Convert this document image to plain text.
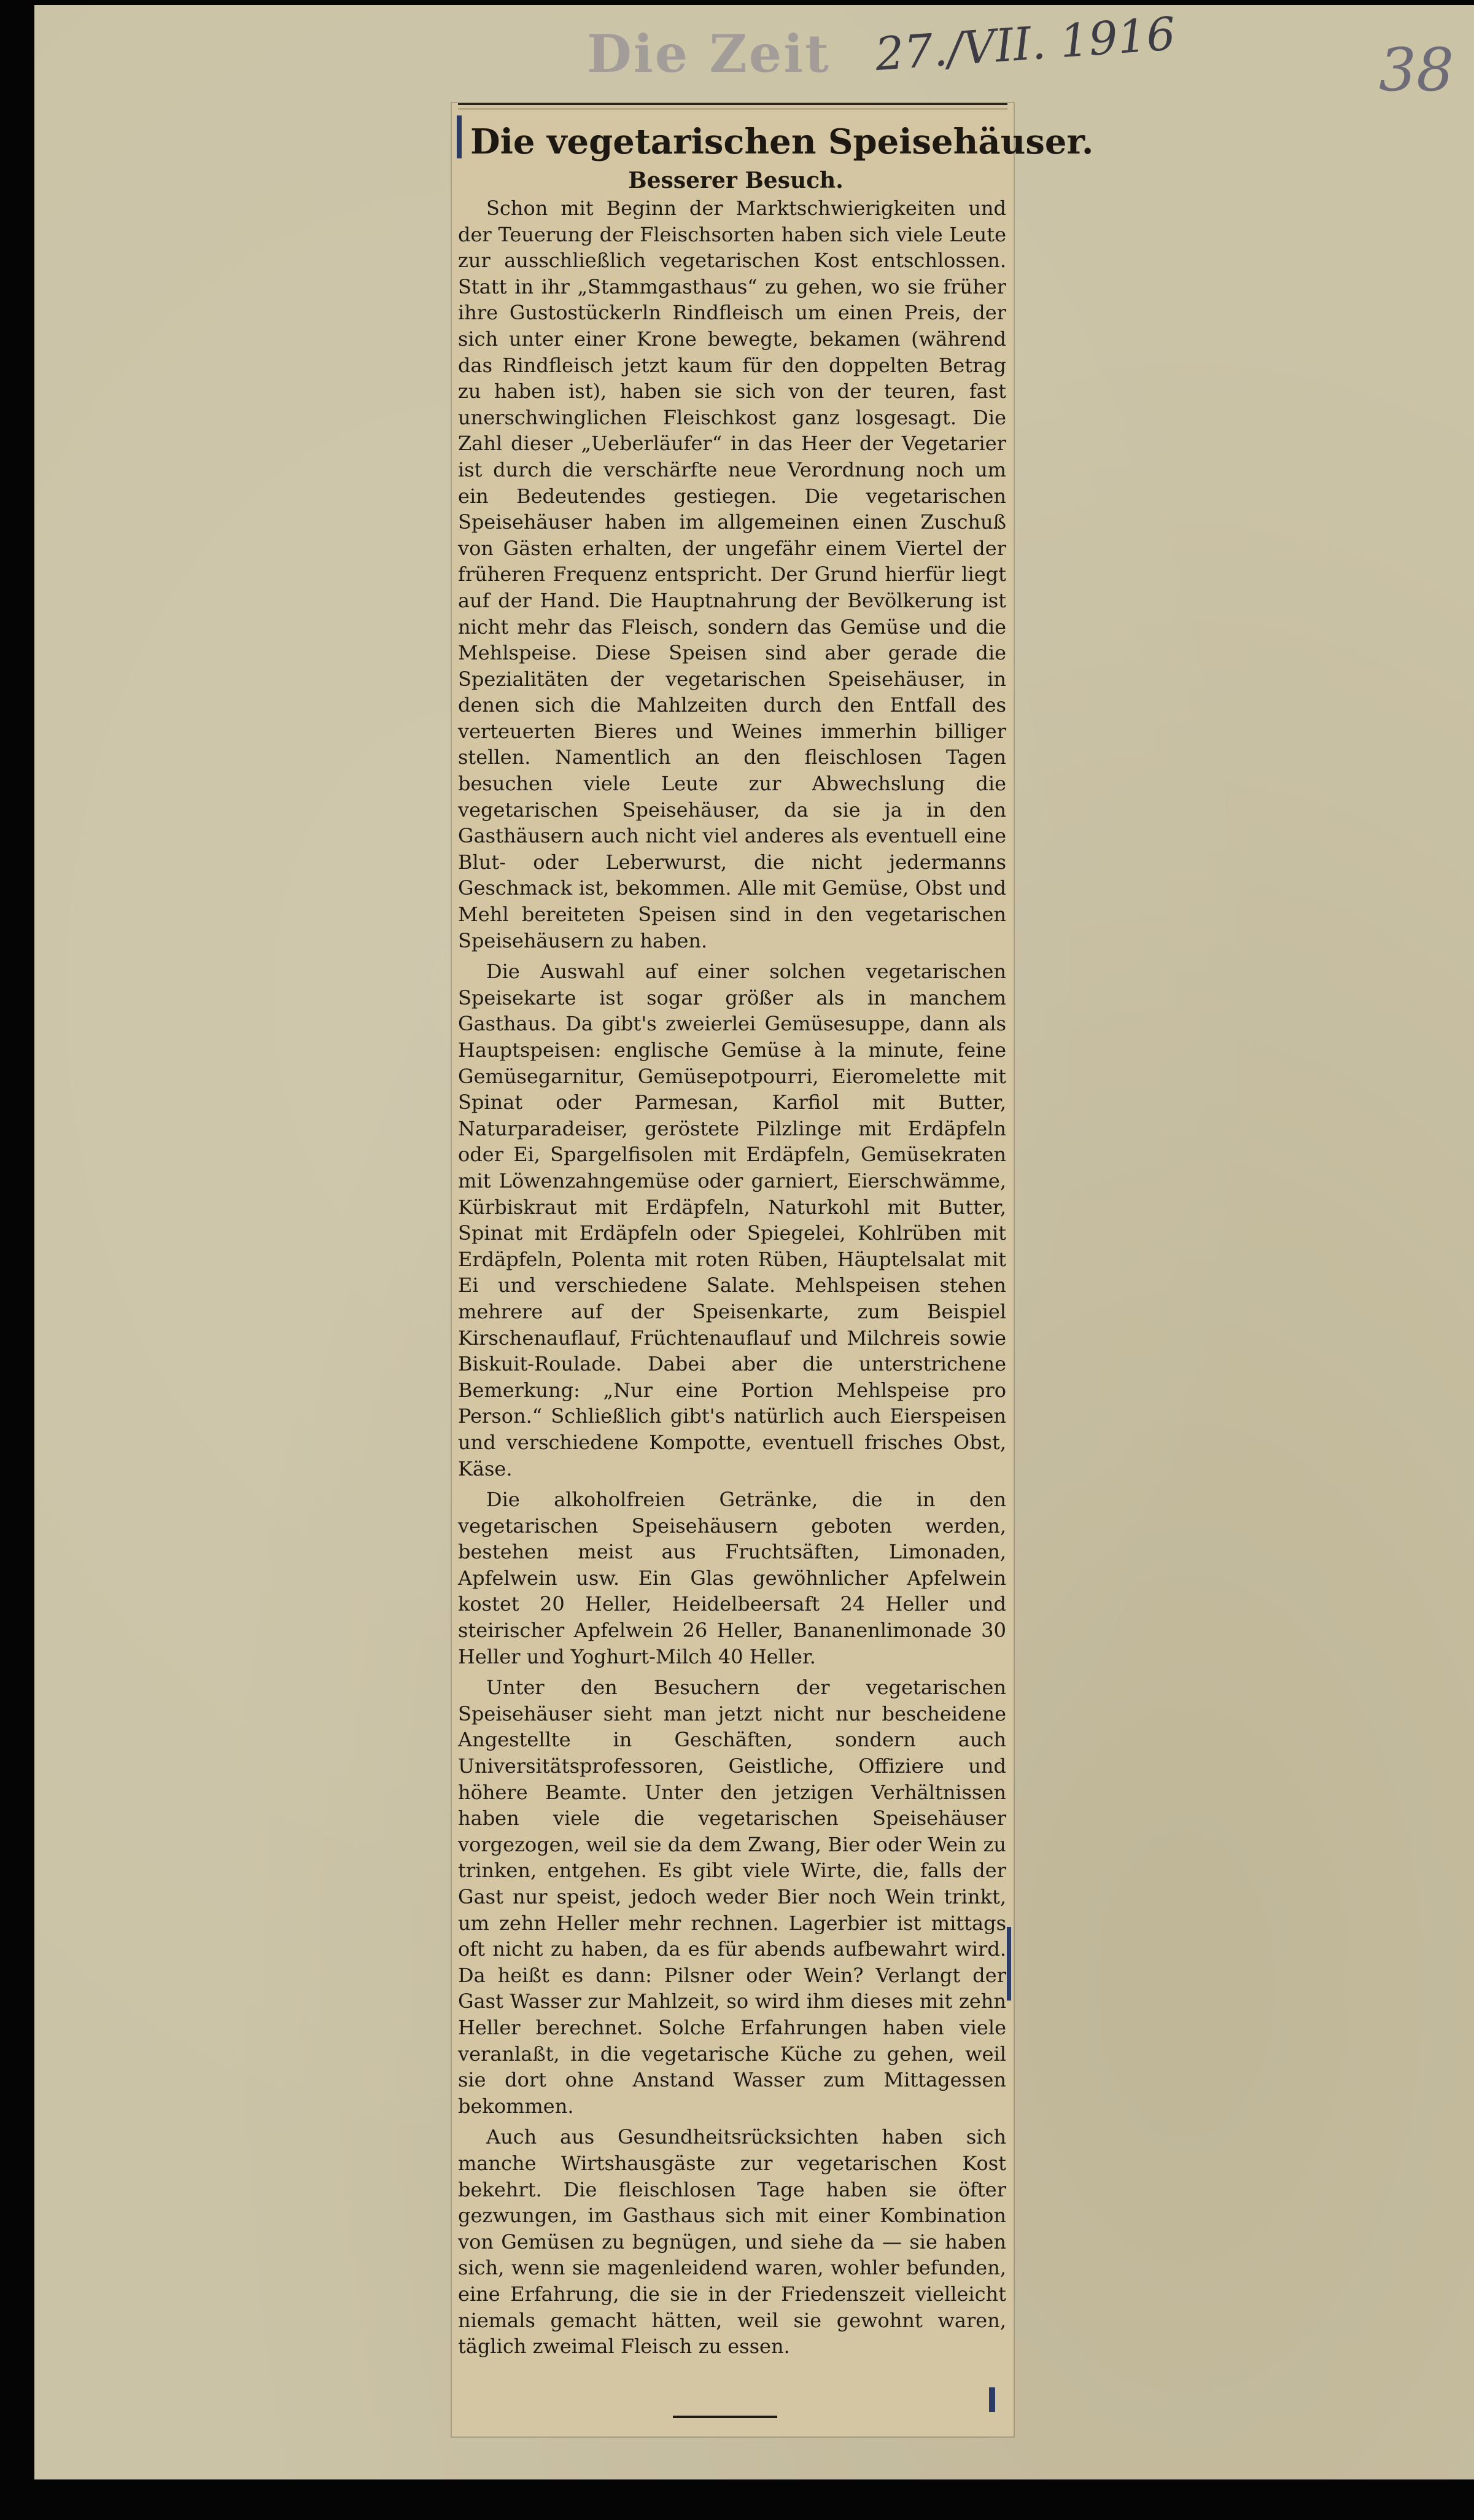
Die Zeit 27./VII. 1916	38
Die vegetarischen Speisehäuser.
Besserer Besuch.

Schon mit Beginn der Marktschwierigkeiten und der Teuerung der Fleischsorten haben sich viele Leute zur ausschließlich vegetarischen Kost entschlossen. Statt in ihr „Stammgasthaus“ zu gehen, wo sie früher ihre Gustostückerln Rindfleisch um einen Preis, der sich unter einer Krone bewegte, bekamen (während das Rindfleisch jetzt kaum für den doppelten Betrag zu haben ist), haben sie sich von der teuren, fast unerschwinglichen Fleischkost ganz losgesagt. Die Zahl dieser „Ueberläufer“ in das Heer der Vegetarier ist durch die verschärfte neue Verordnung noch um ein Bedeutendes gestiegen. Die vegetarischen Speisehäuser haben im allgemeinen einen Zuschuß von Gästen erhalten, der ungefähr einem Viertel der früheren Frequenz entspricht. Der Grund hierfür liegt auf der Hand. Die Hauptnahrung der Bevölkerung ist nicht mehr das Fleisch, sondern das Gemüse und die Mehlspeise. Diese Speisen sind aber gerade die Spezialitäten der vegetarischen Speisehäuser, in denen sich die Mahlzeiten durch den Entfall des verteuerten Bieres und Weines immerhin billiger stellen. Namentlich an den fleischlosen Tagen besuchen viele Leute zur Abwechslung die vegetarischen Speisehäuser, da sie ja in den Gasthäusern auch nicht viel anderes als eventuell eine Blut- oder Leberwurst, die nicht jedermanns Geschmack ist, bekommen. Alle mit Gemüse, Obst und Mehl bereiteten Speisen sind in den vegetarischen Speisehäusern zu haben.

Die Auswahl auf einer solchen vegetarischen Speisekarte ist sogar größer als in manchem Gasthaus. Da gibt's zweierlei Gemüsesuppe, dann als Hauptspeisen: englische Gemüse à la minute, feine Gemüsegarnitur, Gemüsepotpourri, Eieromelette mit Spinat oder Parmesan, Karfiol mit Butter, Naturparadeiser, geröstete Pilzlinge mit Erdäpfeln oder Ei, Spargelfisolen mit Erdäpfeln, Gemüsekraten mit Löwenzahngemüse oder garniert, Eierschwämme, Kürbiskraut mit Erdäpfeln, Naturkohl mit Butter, Spinat mit Erdäpfeln oder Spiegelei, Kohlrüben mit Erdäpfeln, Polenta mit roten Rüben, Häuptelsalat mit Ei und verschiedene Salate. Mehlspeisen stehen mehrere auf der Speisenkarte, zum Beispiel Kirschenauflauf, Früchtenauflauf und Milchreis sowie Biskuit-Roulade. Dabei aber die unterstrichene Bemerkung: „Nur eine Portion Mehlspeise pro Person.“ Schließlich gibt's natürlich auch Eierspeisen und verschiedene Kompotte, eventuell frisches Obst, Käse.

Die alkoholfreien Getränke, die in den vegetarischen Speisehäusern geboten werden, bestehen meist aus Fruchtsäften, Limonaden, Apfelwein usw. Ein Glas gewöhnlicher Apfelwein kostet 20 Heller, Heidelbeersaft 24 Heller und steirischer Apfelwein 26 Heller, Bananenlimonade 30 Heller und Yoghurt-Milch 40 Heller.

Unter den Besuchern der vegetarischen Speisehäuser sieht man jetzt nicht nur bescheidene Angestellte in Geschäften, sondern auch Universitätsprofessoren, Geistliche, Offiziere und höhere Beamte. Unter den jetzigen Verhältnissen haben viele die vegetarischen Speisehäuser vorgezogen, weil sie da dem Zwang, Bier oder Wein zu trinken, entgehen. Es gibt viele Wirte, die, falls der Gast nur speist, jedoch weder Bier noch Wein trinkt, um zehn Heller mehr rechnen. Lagerbier ist mittags oft nicht zu haben, da es für abends aufbewahrt wird. Da heißt es dann: Pilsner oder Wein? Verlangt der Gast Wasser zur Mahlzeit, so wird ihm dieses mit zehn Heller berechnet. Solche Erfahrungen haben viele veranlaßt, in die vegetarische Küche zu gehen, weil sie dort ohne Anstand Wasser zum Mittagessen bekommen.

Auch aus Gesundheitsrücksichten haben sich manche Wirtshausgäste zur vegetarischen Kost bekehrt. Die fleischlosen Tage haben sie öfter gezwungen, im Gasthaus sich mit einer Kombination von Gemüsen zu begnügen, und siehe da — sie haben sich, wenn sie magenleidend waren, wohler befunden, eine Erfahrung, die sie in der Friedenszeit vielleicht niemals gemacht hätten, weil sie gewohnt waren, täglich zweimal Fleisch zu essen.
